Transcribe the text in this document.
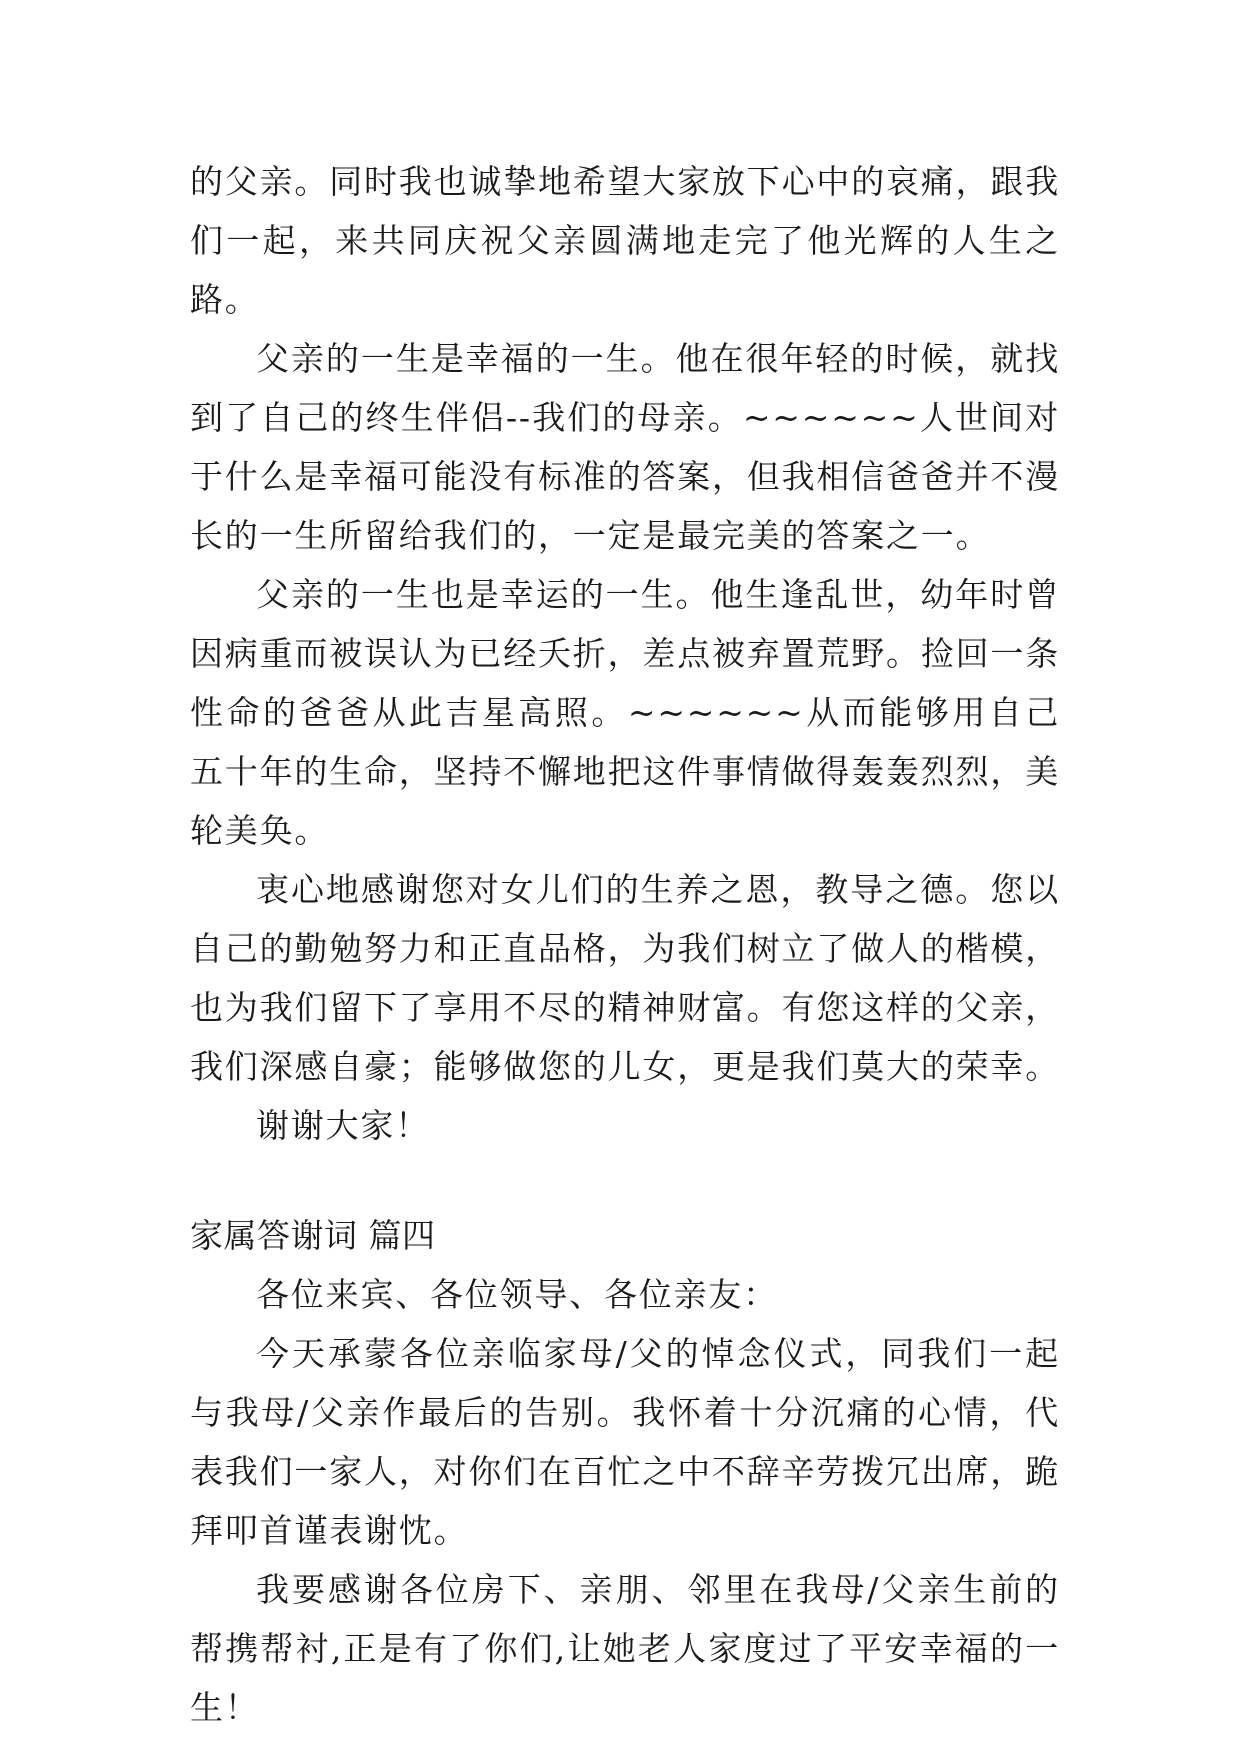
的父亲。同时我也诚挚地希望大家放下心中的哀痛，跟我们一起，来共同庆祝父亲圆满地走完了他光辉的人生之路。

父亲的一生是幸福的一生。他在很年轻的时候，就找到了自己的终生伴侣--我们的母亲。~~~~~~人世间对于什么是幸福可能没有标准的答案，但我相信爸爸并不漫长的一生所留给我们的，一定是最完美的答案之一。

父亲的一生也是幸运的一生。他生逢乱世，幼年时曾因病重而被误认为已经夭折，差点被弃置荒野。捡回一条性命的爸爸从此吉星高照。~~~~~~从而能够用自己五十年的生命，坚持不懈地把这件事情做得轰轰烈烈，美轮美奂。

衷心地感谢您对女儿们的生养之恩，教导之德。您以自己的勤勉努力和正直品格，为我们树立了做人的楷模，也为我们留下了享用不尽的精神财富。有您这样的父亲，我们深感自豪；能够做您的儿女，更是我们莫大的荣幸。

谢谢大家！

家属答谢词 篇四

各位来宾、各位领导、各位亲友：

今天承蒙各位亲临家母/父的悼念仪式，同我们一起与我母/父亲作最后的告别。我怀着十分沉痛的心情，代表我们一家人，对你们在百忙之中不辞辛劳拨冗出席，跪拜叩首谨表谢忱。

我要感谢各位房下、亲朋、邻里在我母/父亲生前的帮携帮衬,正是有了你们,让她老人家度过了平安幸福的一生！
